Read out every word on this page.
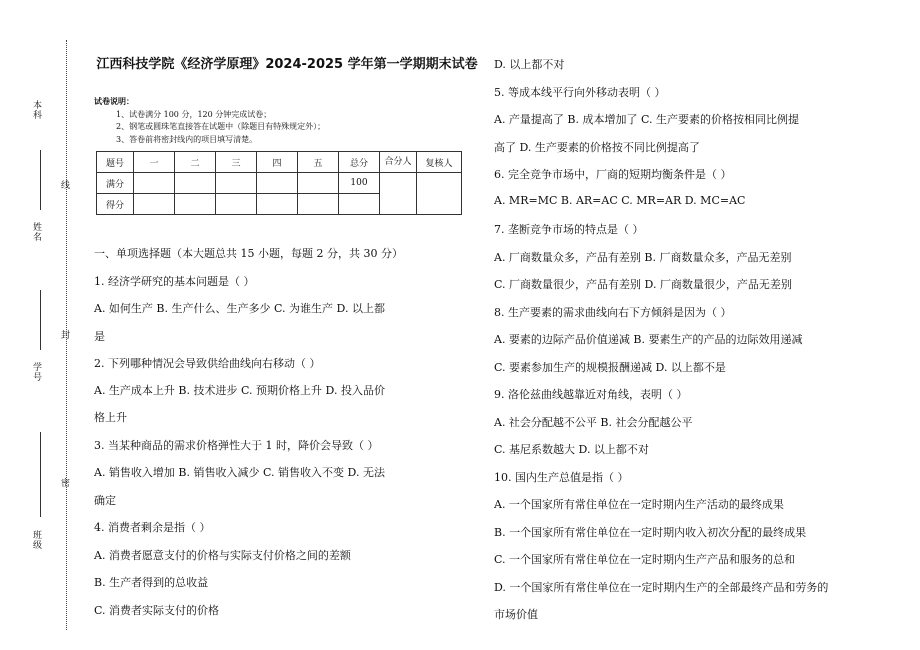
本科
线
姓名
封
学号
密
班级
江西科技学院《经济学原理》2024-2025 学年第一学期期末试卷
试卷说明：
1、试卷满分 100 分，120 分钟完成试卷；
2、钢笔或圆珠笔直接答在试题中（除题目有特殊规定外）；
3、答卷前将密封线内的项目填写清楚。
题号	一	二	三	四	五	总分	合分人	复核人
满分						100		
得分								
一、单项选择题（本大题总共 15 小题，每题 2 分，共 30 分）
1. 经济学研究的基本问题是（ ）
A. 如何生产 B. 生产什么、生产多少 C. 为谁生产 D. 以上都
是
2. 下列哪种情况会导致供给曲线向右移动（ ）
A. 生产成本上升 B. 技术进步 C. 预期价格上升 D. 投入品价
格上升
3. 当某种商品的需求价格弹性大于 1 时，降价会导致（ ）
A. 销售收入增加 B. 销售收入减少 C. 销售收入不变 D. 无法
确定
4. 消费者剩余是指（ ）
A. 消费者愿意支付的价格与实际支付价格之间的差额
B. 生产者得到的总收益
C. 消费者实际支付的价格
D. 以上都不对
5. 等成本线平行向外移动表明（ ）
A. 产量提高了 B. 成本增加了 C. 生产要素的价格按相同比例提
高了 D. 生产要素的价格按不同比例提高了
6. 完全竞争市场中，厂商的短期均衡条件是（ ）
A. MR=MC B. AR=AC C. MR=AR D. MC=AC
7. 垄断竞争市场的特点是（ ）
A. 厂商数量众多，产品有差别 B. 厂商数量众多，产品无差别
C. 厂商数量很少，产品有差别 D. 厂商数量很少，产品无差别
8. 生产要素的需求曲线向右下方倾斜是因为（ ）
A. 要素的边际产品价值递减 B. 要素生产的产品的边际效用递减
C. 要素参加生产的规模报酬递减 D. 以上都不是
9. 洛伦兹曲线越靠近对角线，表明（ ）
A. 社会分配越不公平 B. 社会分配越公平
C. 基尼系数越大 D. 以上都不对
10. 国内生产总值是指（ ）
A. 一个国家所有常住单位在一定时期内生产活动的最终成果
B. 一个国家所有常住单位在一定时期内收入初次分配的最终成果
C. 一个国家所有常住单位在一定时期内生产产品和服务的总和
D. 一个国家所有常住单位在一定时期内生产的全部最终产品和劳务的
市场价值
